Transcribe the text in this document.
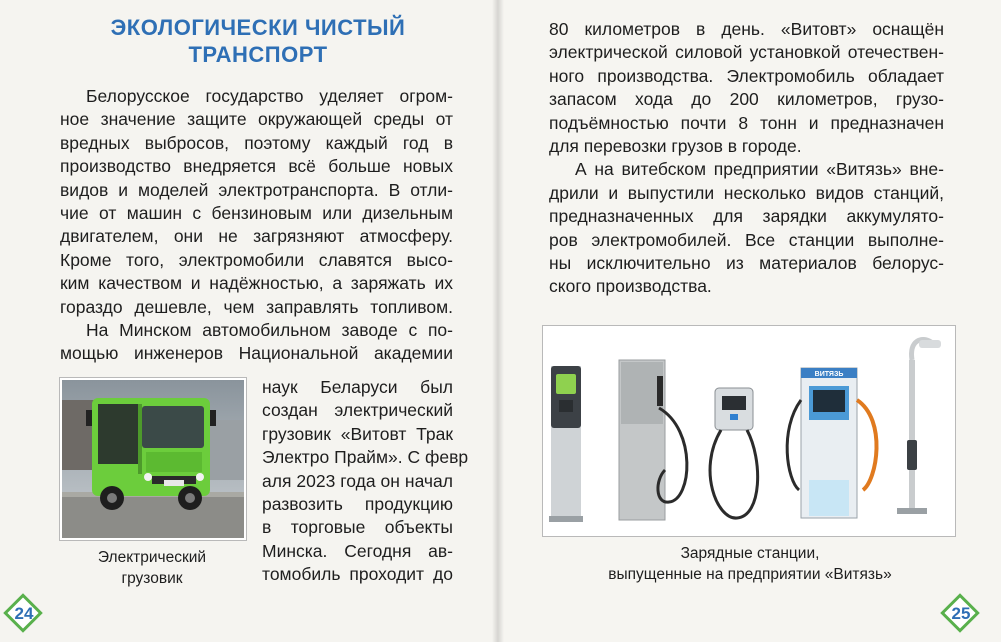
ЭКОЛОГИЧЕСКИ ЧИСТЫЙ
ТРАНСПОРТ
Белорусское государство уделяет огром-
ное значение защите окружающей среды от
вредных выбросов, поэтому каждый год в
производство внедряется всё больше новых
видов и моделей электротранспорта. В отли-
чие от машин с бензиновым или дизельным
двигателем, они не загрязняют атмосферу.
Кроме того, электромобили славятся высо-
ким качеством и надёжностью, а заряжать их
гораздо дешевле, чем заправлять топливом.
На Минском автомобильном заводе с по-
мощью инженеров Национальной академии
наук Беларуси был
создан электрический
грузовик «Витовт Трак
Электро Прайм». С февр
аля 2023 года он начал
развозить продукцию
в торговые объекты
Минска. Сегодня ав-
томобиль проходит до
Электрический
грузовик
24
80 километров в день. «Витовт» оснащён
электрической силовой установкой отечествен-
ного производства. Электромобиль обладает
запасом хода до 200 километров, грузо-
подъёмностью почти 8 тонн и предназначен
для перевозки грузов в городе.
А на витебском предприятии «Витязь» вне-
дрили и выпустили несколько видов станций,
предназначенных для зарядки аккумулято-
ров электромобилей. Все станции выполне-
ны исключительно из материалов белорус-
ского производства.
ВИТЯЗЬ
Зарядные станции,
выпущенные на предприятии «Витязь»
25
